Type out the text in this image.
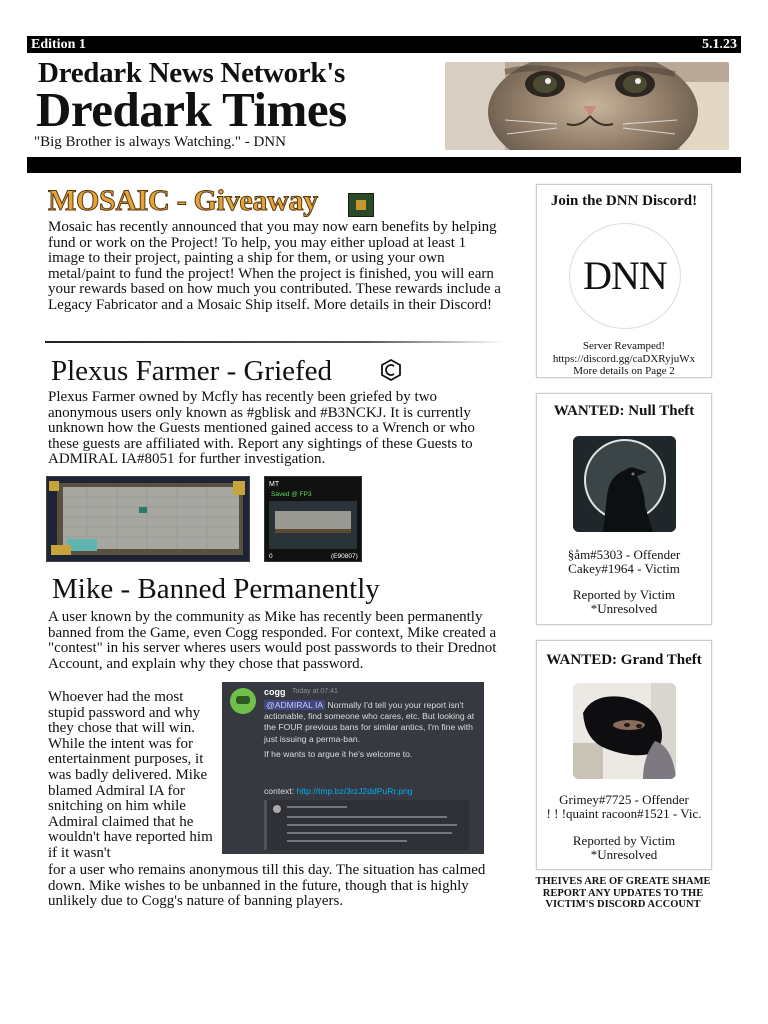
Edition 1	5.1.23
Dredark News Network's
Dredark Times
"Big Brother is always Watching." - DNN
MOSAIC - Giveaway
Mosaic has recently announced that you may now earn benefits by helping fund or work on the Project! To help, you may either upload at least 1 image to their project, painting a ship for them, or using your own metal/paint to fund the project! When the project is finished, you will earn your rewards based on how much you contributed. These rewards include a Legacy Fabricator and a Mosaic Ship itself. More details in their Discord!
Plexus Farmer - Griefed
Plexus Farmer owned by Mcfly has recently been griefed by two anonymous users only known as #gblisk and #B3NCKJ. It is currently unknown how the Guests mentioned gained access to a Wrench or who these guests are affiliated with. Report any sightings of these Guests to ADMIRAL IA#8051 for further investigation.
MT
Saved @ FP3
0	(E90807)
Mike - Banned Permanently
A user known by the community as Mike has recently been permanently banned from the Game, even Cogg responded. For context, Mike created a "contest" in his server wheres users would post passwords to their Drednot Account, and explain why they chose that password.
Whoever had the most stupid password and why they chose that will win. While the intent was for entertainment purposes, it was badly delivered. Mike blamed Admiral IA for snitching on him while Admiral claimed that he wouldn't have reported him if it wasn't
cogg Today at 07:41
@ADMIRAL IA Normally I'd tell you your report isn't actionable, find someone who cares, etc. But looking at the FOUR previous bans for similar antics, I'm fine with just issuing a perma-ban.
If he wants to argue it he's welcome to.
context: http://tmp.bz/3rzJ2ddPuRr.png
for a user who remains anonymous till this day. The situation has calmed down. Mike wishes to be unbanned in the future, though that is highly unlikely due to Cogg's nature of banning players.
Join the DNN Discord!
DNN
Server Revamped!
https://discord.gg/caDXRyjuWx
More details on Page 2
WANTED: Null Theft
§åm#5303 - Offender
Cakey#1964 - Victim
Reported by Victim
*Unresolved
WANTED: Grand Theft
Grimey#7725 - Offender
! ! !quaint racoon#1521 - Vic.
Reported by Victim
*Unresolved
THEIVES ARE OF GREATE SHAME REPORT ANY UPDATES TO THE VICTIM'S DISCORD ACCOUNT
